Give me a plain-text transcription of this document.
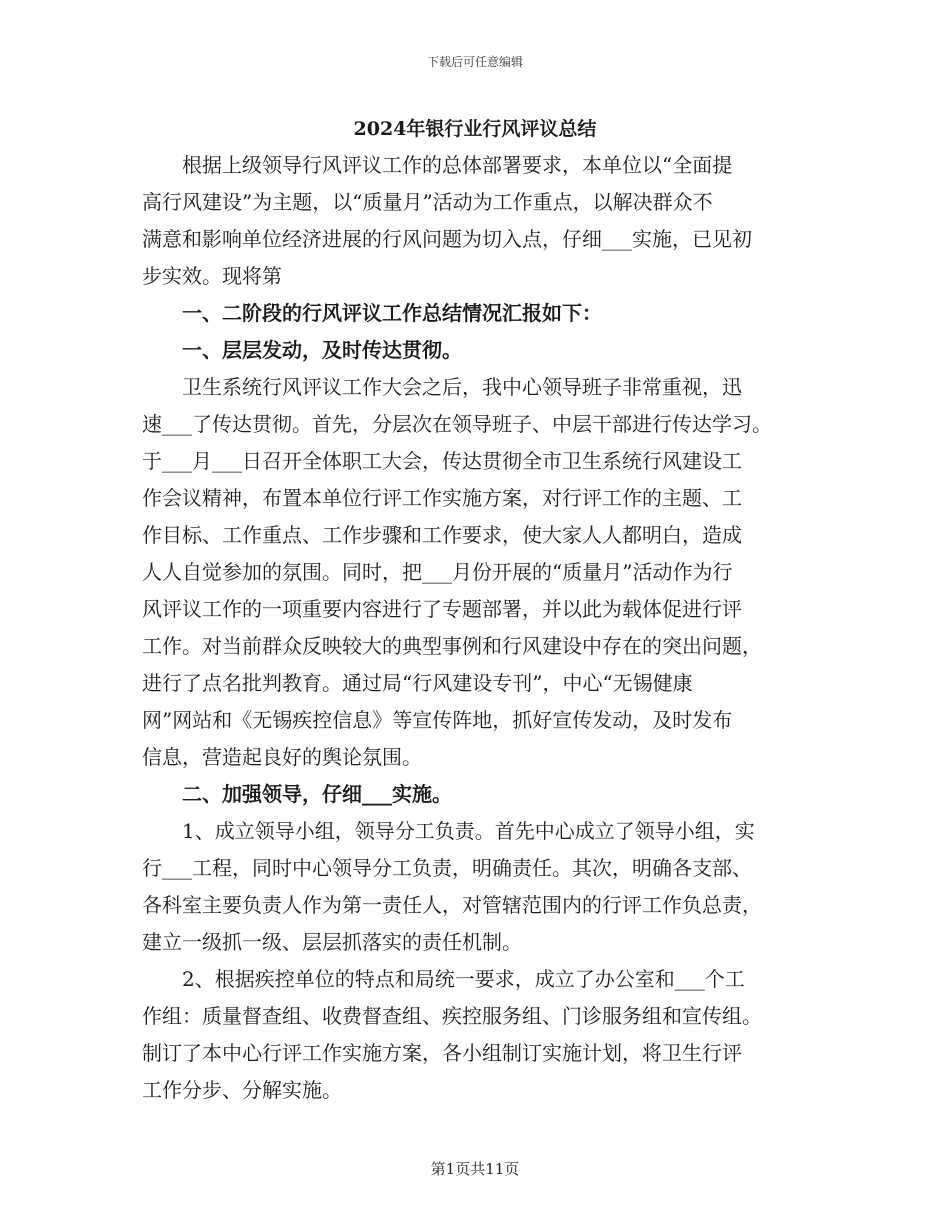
下载后可任意编辑
2024年银行业行风评议总结
　　根据上级领导行风评议工作的总体部署要求，本单位以“全面提
高行风建设”为主题，以“质量月”活动为工作重点，以解决群众不
满意和影响单位经济进展的行风问题为切入点，仔细___实施，已见初
步实效。现将第
　　一、二阶段的行风评议工作总结情况汇报如下：
　　一、层层发动，及时传达贯彻。
　　卫生系统行风评议工作大会之后，我中心领导班子非常重视，迅
速___了传达贯彻。首先，分层次在领导班子、中层干部进行传达学习。
于___月___日召开全体职工大会，传达贯彻全市卫生系统行风建设工
作会议精神，布置本单位行评工作实施方案，对行评工作的主题、工
作目标、工作重点、工作步骤和工作要求，使大家人人都明白，造成
人人自觉参加的氛围。同时，把___月份开展的“质量月”活动作为行
风评议工作的一项重要内容进行了专题部署，并以此为载体促进行评
工作。对当前群众反映较大的典型事例和行风建设中存在的突出问题，
进行了点名批判教育。通过局“行风建设专刊”，中心“无锡健康
网”网站和《无锡疾控信息》等宣传阵地，抓好宣传发动，及时发布
信息，营造起良好的舆论氛围。
　　二、加强领导，仔细___实施。
　　1、成立领导小组，领导分工负责。首先中心成立了领导小组，实
行___工程，同时中心领导分工负责，明确责任。其次，明确各支部、
各科室主要负责人作为第一责任人，对管辖范围内的行评工作负总责，
建立一级抓一级、层层抓落实的责任机制。
　　2、根据疾控单位的特点和局统一要求，成立了办公室和___个工
作组：质量督查组、收费督查组、疾控服务组、门诊服务组和宣传组。
制订了本中心行评工作实施方案，各小组制订实施计划，将卫生行评
工作分步、分解实施。
第1页共11页
